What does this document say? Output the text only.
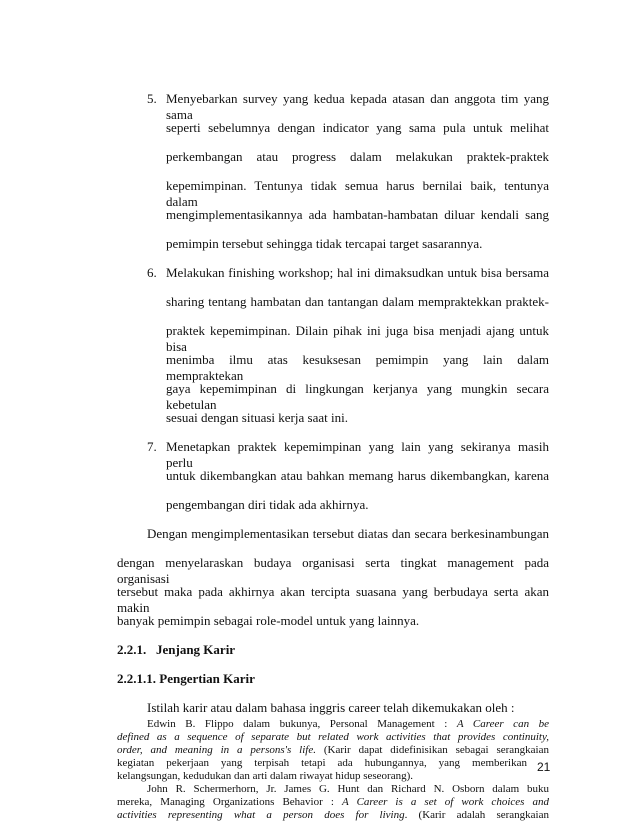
5. Menyebarkan survey yang kedua kepada atasan dan anggota tim yang sama
seperti sebelumnya dengan indicator yang sama pula untuk melihat
perkembangan atau progress dalam melakukan praktek-praktek
kepemimpinan. Tentunya tidak semua harus bernilai baik, tentunya dalam
mengimplementasikannya ada hambatan-hambatan diluar kendali sang
pemimpin tersebut sehingga tidak tercapai target sasarannya.
6. Melakukan finishing workshop; hal ini dimaksudkan untuk bisa bersama
sharing tentang hambatan dan tantangan dalam mempraktekkan praktek-
praktek kepemimpinan. Dilain pihak ini juga bisa menjadi ajang untuk bisa
menimba ilmu atas kesuksesan pemimpin yang lain dalam mempraktekan
gaya kepemimpinan di lingkungan kerjanya yang mungkin secara kebetulan
sesuai dengan situasi kerja saat ini.
7. Menetapkan praktek kepemimpinan yang lain yang sekiranya masih perlu
untuk dikembangkan atau bahkan memang harus dikembangkan, karena
pengembangan diri tidak ada akhirnya.
Dengan mengimplementasikan tersebut diatas dan secara berkesinambungan
dengan menyelaraskan budaya organisasi serta tingkat management pada organisasi
tersebut maka pada akhirnya akan tercipta suasana yang berbudaya serta akan makin
banyak pemimpin sebagai role-model untuk yang lainnya.
2.2.1.   Jenjang Karir
2.2.1.1. Pengertian Karir
Istilah karir atau dalam bahasa inggris career telah dikemukakan oleh :
Edwin B. Flippo dalam bukunya, Personal Management : A Career can be
defined as a sequence of separate but related work activities that provides continuity,
order, and meaning in a persons's life. (Karir dapat didefinisikan sebagai serangkaian
kegiatan pekerjaan yang terpisah tetapi ada hubungannya, yang memberikan
kelangsungan, kedudukan dan arti dalam riwayat hidup seseorang).
John R. Schermerhorn, Jr. James G. Hunt dan Richard N. Osborn dalam buku
mereka, Managing Organizations Behavior : A Career is a set of work choices and
activities representing what a person does for living. (Karir adalah serangkaian
21
